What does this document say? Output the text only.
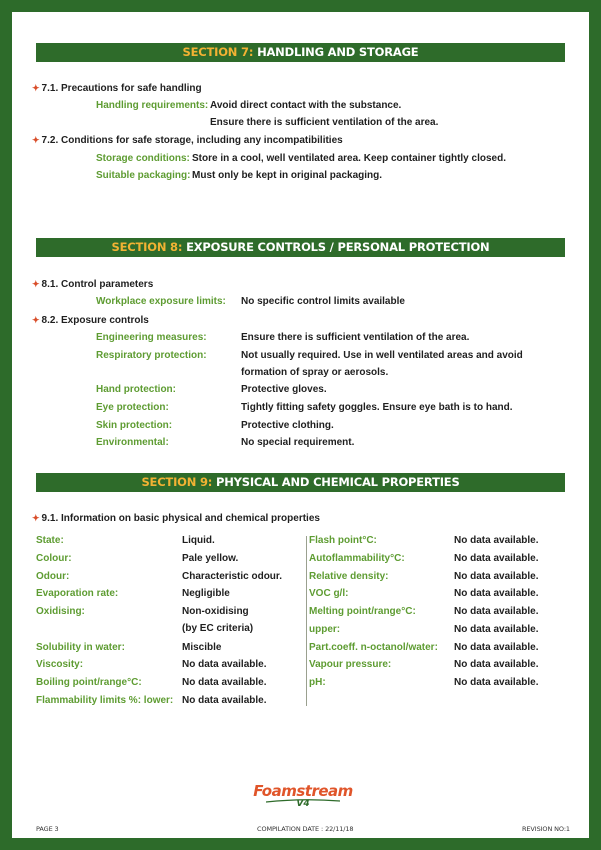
SECTION 7: HANDLING AND STORAGE
✦ 7.1. Precautions for safe handling
Handling requirements: Avoid direct contact with the substance.
Ensure there is sufficient ventilation of the area.
✦ 7.2. Conditions for safe storage, including any incompatibilities
Storage conditions: Store in a cool, well ventilated area. Keep container tightly closed.
Suitable packaging: Must only be kept in original packaging.
SECTION 8: EXPOSURE CONTROLS / PERSONAL PROTECTION
✦ 8.1. Control parameters
Workplace exposure limits: No specific control limits available
✦ 8.2. Exposure controls
Engineering measures:	Ensure there is sufficient ventilation of the area.
Respiratory protection:	Not usually required. Use in well ventilated areas and avoid
formation of spray or aerosols.
Hand protection:	Protective gloves.
Eye protection:	Tightly fitting safety goggles. Ensure eye bath is to hand.
Skin protection:	Protective clothing.
Environmental:	No special requirement.
SECTION 9: PHYSICAL AND CHEMICAL PROPERTIES
✦ 9.1. Information on basic physical and chemical properties
State:	Liquid.
Colour:	Pale yellow.
Odour:	Characteristic odour.
Evaporation rate:	Negligible
Oxidising:	Non-oxidising
(by EC criteria)
Solubility in water:	Miscible
Viscosity:	No data available.
Boiling point/range°C:	No data available.
Flammability limits %: lower: No data available.
Flash point°C:	No data available.
Autoflammability°C:	No data available.
Relative density:	No data available.
VOC g/l:	No data available.
Melting point/range°C:	No data available.
upper:	No data available.
Part.coeff. n-octanol/water: No data available.
Vapour pressure:	No data available.
pH:	No data available.
Foamstream
V4
PAGE 3	COMPILATION DATE : 22/11/18	REVISION NO:1
